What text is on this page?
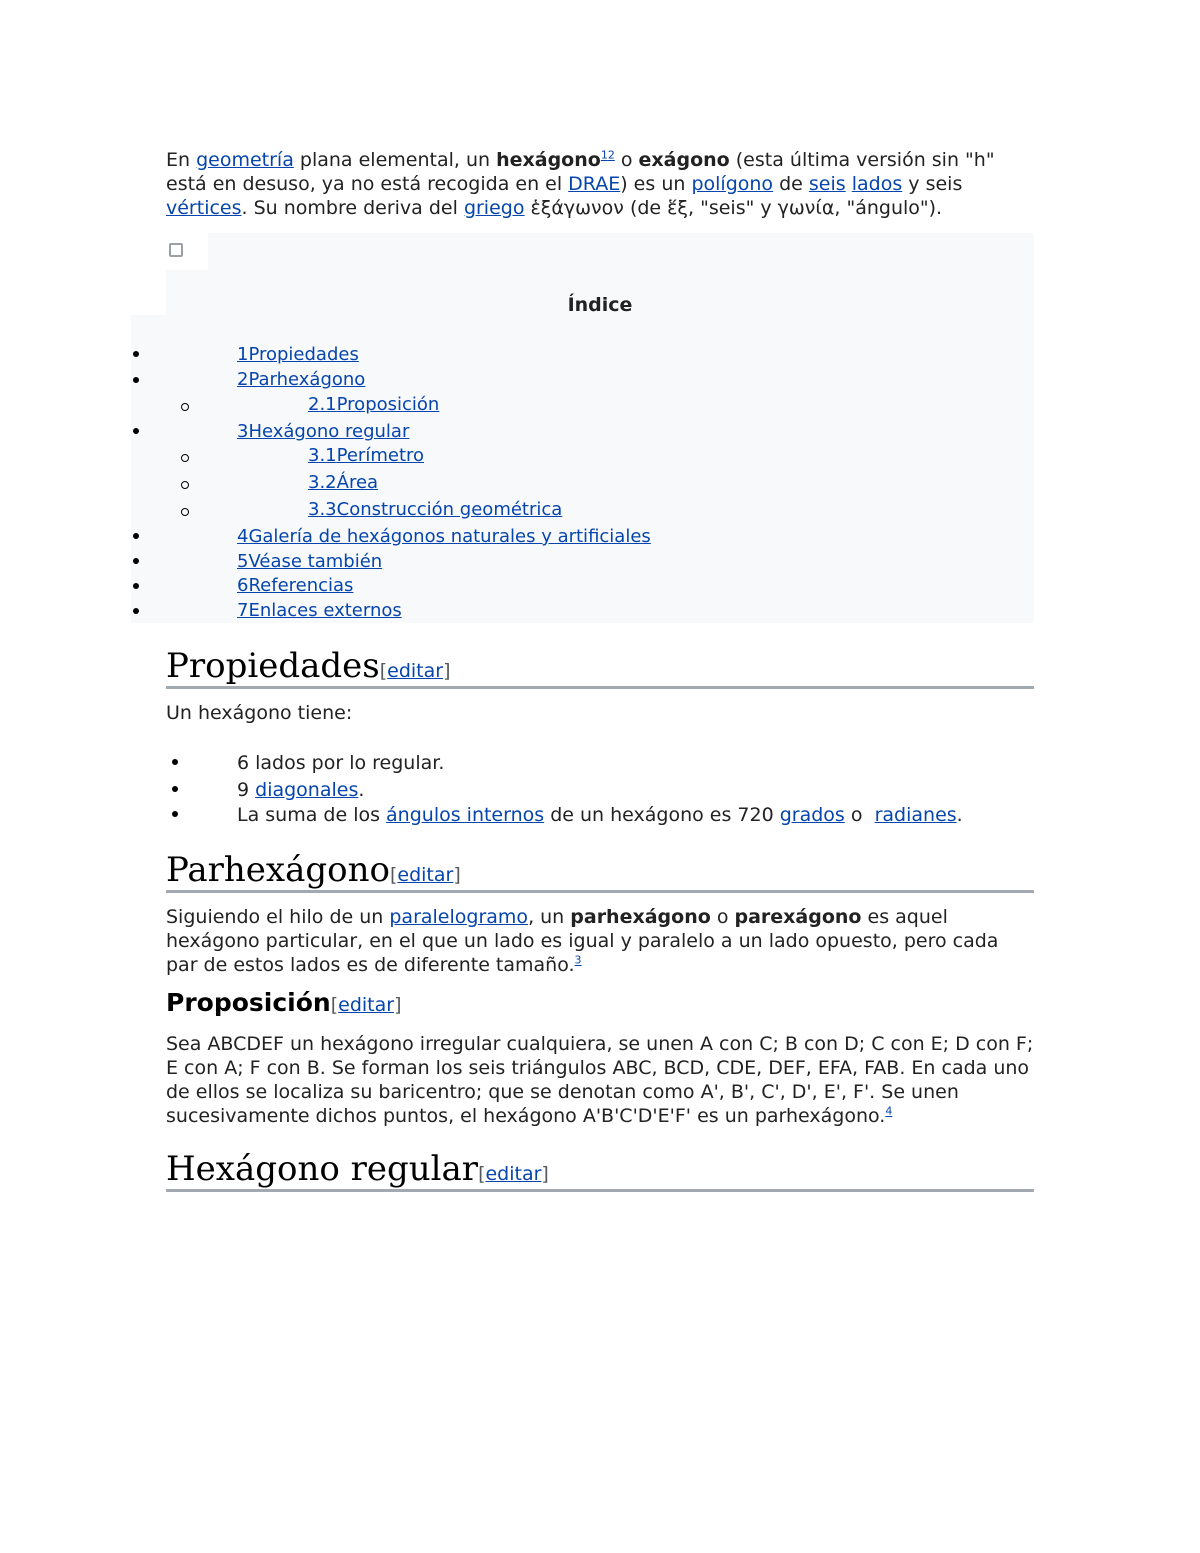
En geometría plana elemental, un hexágono$^{12}$ o exágono (esta última versión sin "h" está en desuso, ya no está recogida en el DRAE) es un polígono de seis lados y seis vértices. Su nombre deriva del griego ἑξάγωνον (de ἕξ, "seis" y γωνία, "ángulo").

Índice
1Propiedades
2Parhexágono
2.1Proposición
3Hexágono regular
3.1Perímetro
3.2Área
3.3Construcción geométrica
4Galería de hexágonos naturales y artificiales
5Véase también
6Referencias
7Enlaces externos
Propiedades[editar]

Un hexágono tiene:

6 lados por lo regular.
9 diagonales.
La suma de los ángulos internos de un hexágono es 720 grados o  radianes.
Parhexágono[editar]

Siguiendo el hilo de un paralelogramo, un parhexágono o parexágono es aquel hexágono particular, en el que un lado es igual y paralelo a un lado opuesto, pero cada par de estos lados es de diferente tamaño.$^3$

Proposición[editar]

Sea ABCDEF un hexágono irregular cualquiera, se unen A con C; B con D; C con E; D con F; E con A; F con B. Se forman los seis triángulos ABC, BCD, CDE, DEF, EFA, FAB. En cada uno de ellos se localiza su baricentro; que se denotan como A', B', C', D', E', F'. Se unen sucesivamente dichos puntos, el hexágono A'B'C'D'E'F' es un parhexágono.$^4$

Hexágono regular[editar]
